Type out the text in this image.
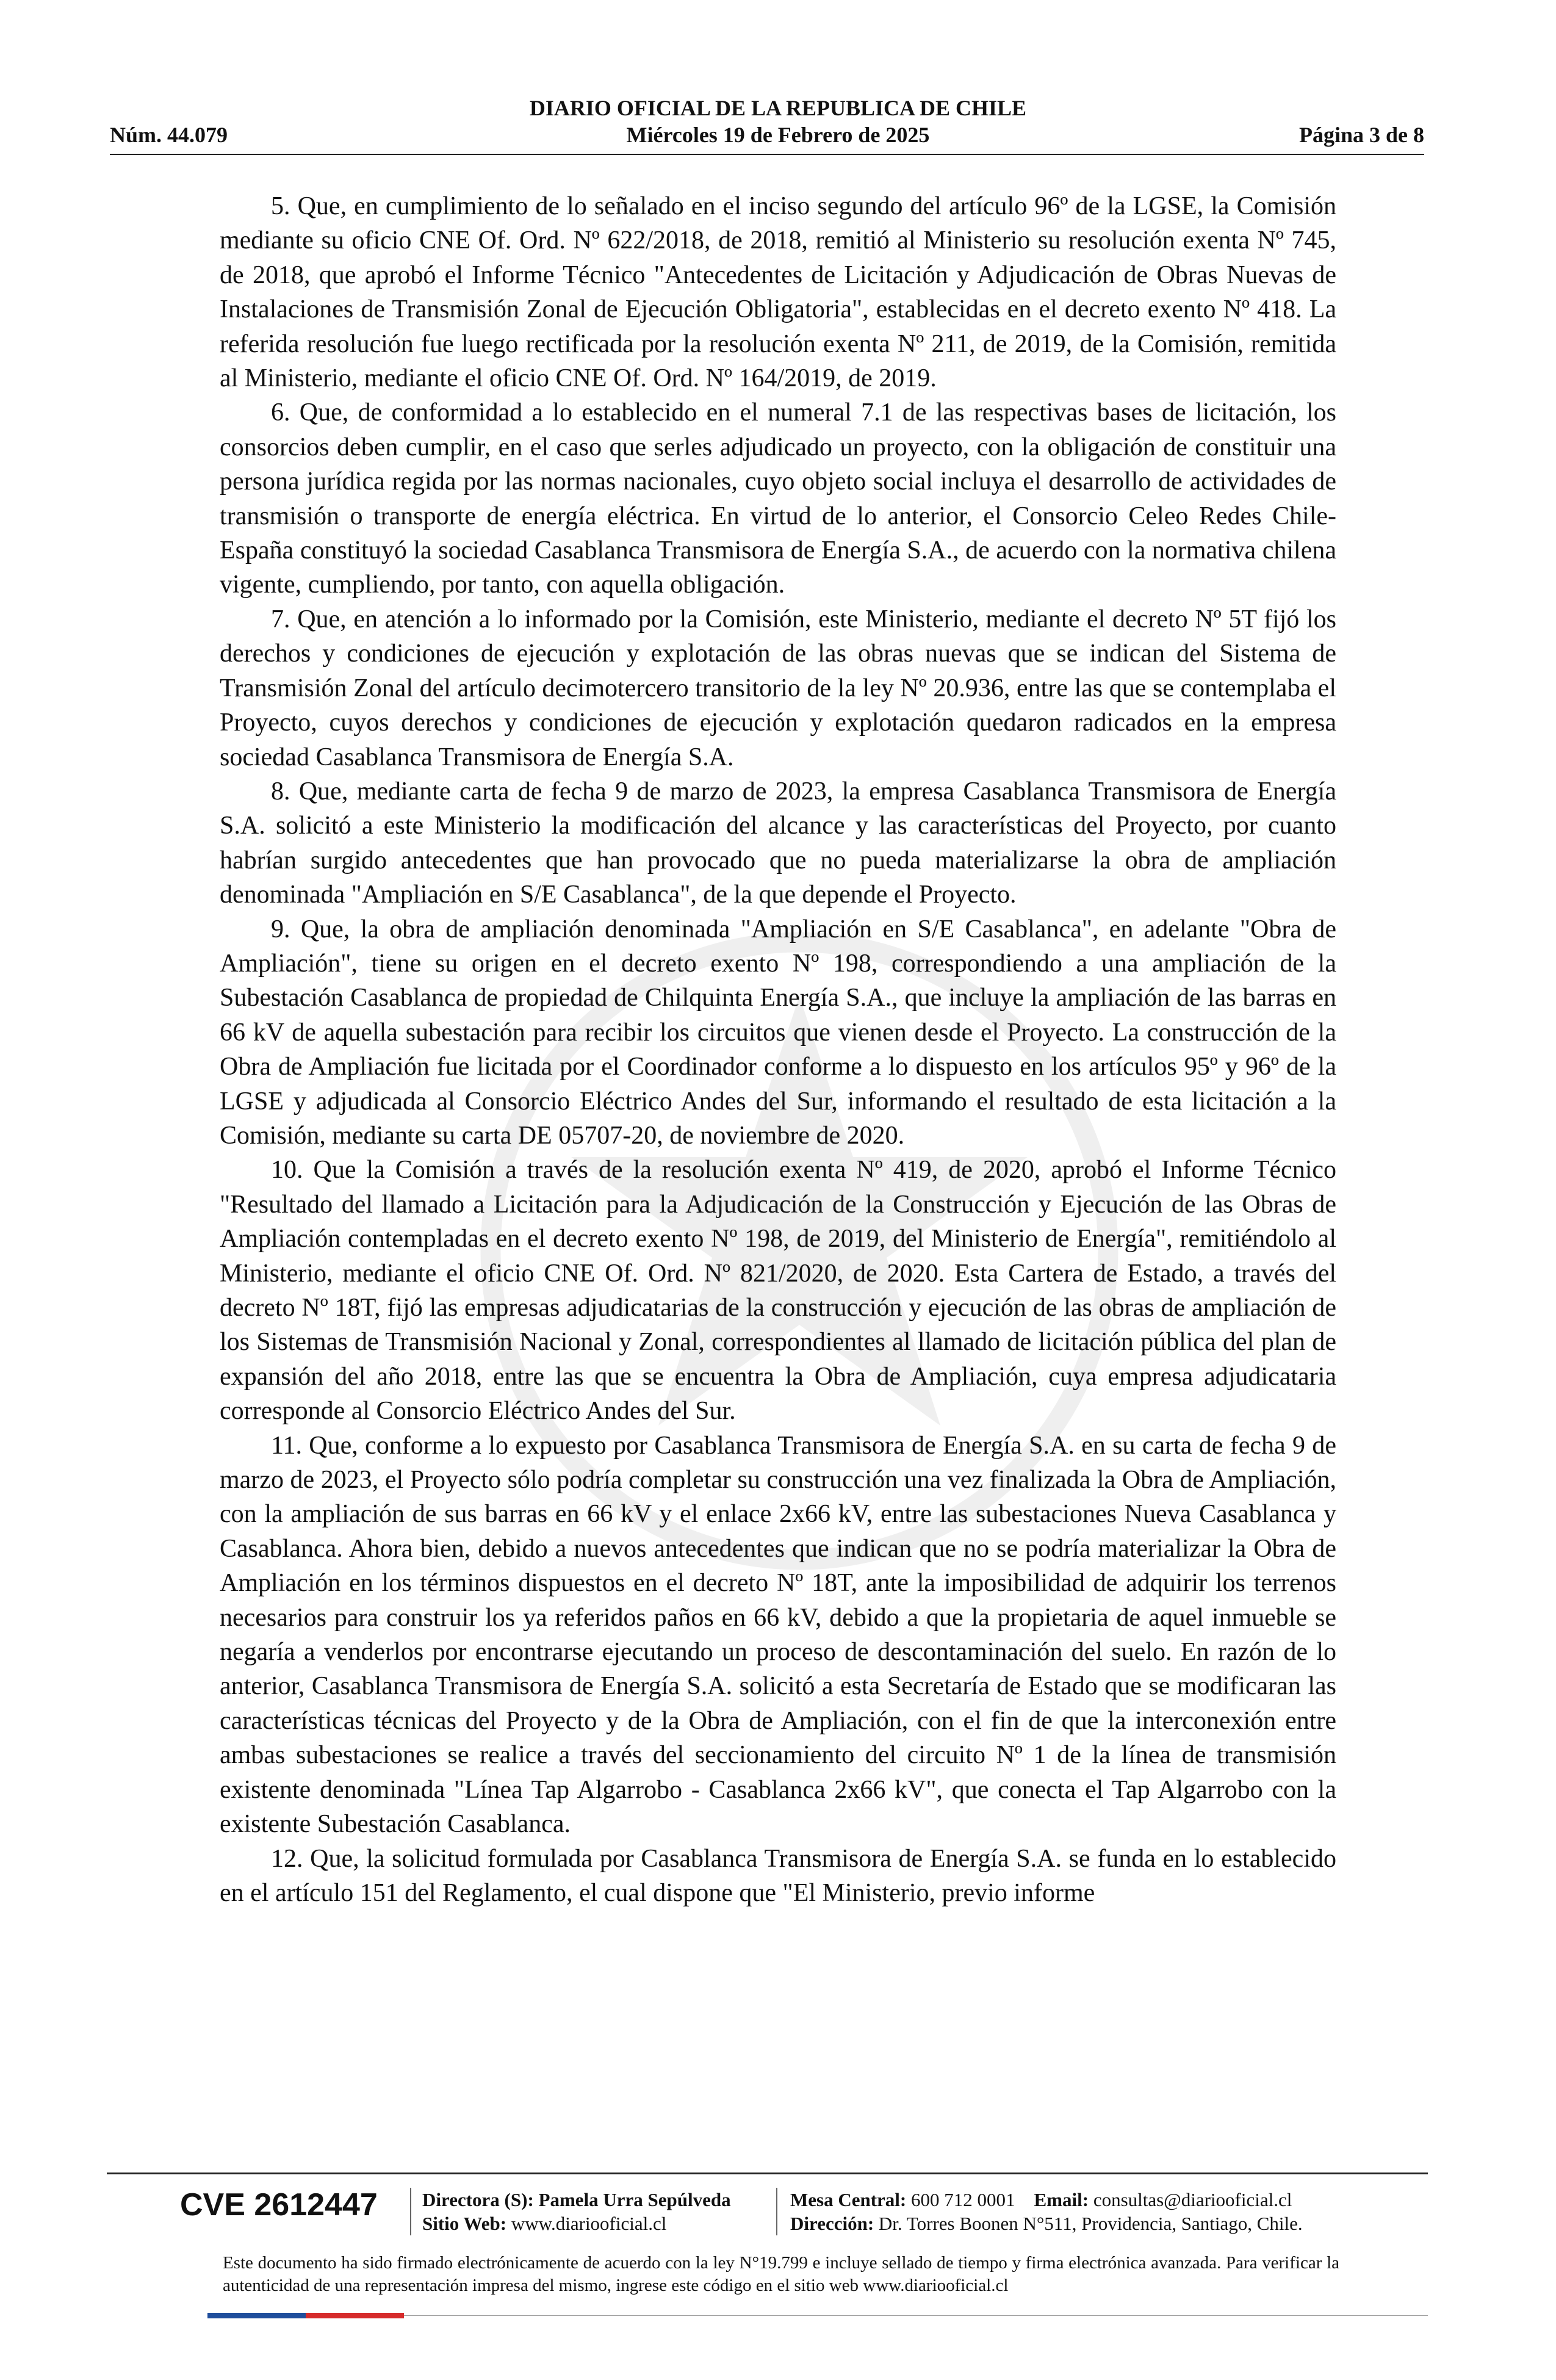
DIARIO OFICIAL DE LA REPUBLICA DE CHILE
Miércoles 19 de Febrero de 2025
Núm. 44.079	Página 3 de 8

5. Que, en cumplimiento de lo señalado en el inciso segundo del artículo 96º de la LGSE, la Comisión mediante su oficio CNE Of. Ord. Nº 622/2018, de 2018, remitió al Ministerio su resolución exenta Nº 745, de 2018, que aprobó el Informe Técnico "Antecedentes de Licitación y Adjudicación de Obras Nuevas de Instalaciones de Transmisión Zonal de Ejecución Obligatoria", establecidas en el decreto exento Nº 418. La referida resolución fue luego rectificada por la resolución exenta Nº 211, de 2019, de la Comisión, remitida al Ministerio, mediante el oficio CNE Of. Ord. Nº 164/2019, de 2019.

6. Que, de conformidad a lo establecido en el numeral 7.1 de las respectivas bases de licitación, los consorcios deben cumplir, en el caso que serles adjudicado un proyecto, con la obligación de constituir una persona jurídica regida por las normas nacionales, cuyo objeto social incluya el desarrollo de actividades de transmisión o transporte de energía eléctrica. En virtud de lo anterior, el Consorcio Celeo Redes Chile-España constituyó la sociedad Casablanca Transmisora de Energía S.A., de acuerdo con la normativa chilena vigente, cumpliendo, por tanto, con aquella obligación.

7. Que, en atención a lo informado por la Comisión, este Ministerio, mediante el decreto Nº 5T fijó los derechos y condiciones de ejecución y explotación de las obras nuevas que se indican del Sistema de Transmisión Zonal del artículo decimotercero transitorio de la ley Nº 20.936, entre las que se contemplaba el Proyecto, cuyos derechos y condiciones de ejecución y explotación quedaron radicados en la empresa sociedad Casablanca Transmisora de Energía S.A.

8. Que, mediante carta de fecha 9 de marzo de 2023, la empresa Casablanca Transmisora de Energía S.A. solicitó a este Ministerio la modificación del alcance y las características del Proyecto, por cuanto habrían surgido antecedentes que han provocado que no pueda materializarse la obra de ampliación denominada "Ampliación en S/E Casablanca", de la que depende el Proyecto.

9. Que, la obra de ampliación denominada "Ampliación en S/E Casablanca", en adelante "Obra de Ampliación", tiene su origen en el decreto exento Nº 198, correspondiendo a una ampliación de la Subestación Casablanca de propiedad de Chilquinta Energía S.A., que incluye la ampliación de las barras en 66 kV de aquella subestación para recibir los circuitos que vienen desde el Proyecto. La construcción de la Obra de Ampliación fue licitada por el Coordinador conforme a lo dispuesto en los artículos 95º y 96º de la LGSE y adjudicada al Consorcio Eléctrico Andes del Sur, informando el resultado de esta licitación a la Comisión, mediante su carta DE 05707-20, de noviembre de 2020.

10. Que la Comisión a través de la resolución exenta Nº 419, de 2020, aprobó el Informe Técnico "Resultado del llamado a Licitación para la Adjudicación de la Construcción y Ejecución de las Obras de Ampliación contempladas en el decreto exento Nº 198, de 2019, del Ministerio de Energía", remitiéndolo al Ministerio, mediante el oficio CNE Of. Ord. Nº 821/2020, de 2020. Esta Cartera de Estado, a través del decreto Nº 18T, fijó las empresas adjudicatarias de la construcción y ejecución de las obras de ampliación de los Sistemas de Transmisión Nacional y Zonal, correspondientes al llamado de licitación pública del plan de expansión del año 2018, entre las que se encuentra la Obra de Ampliación, cuya empresa adjudicataria corresponde al Consorcio Eléctrico Andes del Sur.

11. Que, conforme a lo expuesto por Casablanca Transmisora de Energía S.A. en su carta de fecha 9 de marzo de 2023, el Proyecto sólo podría completar su construcción una vez finalizada la Obra de Ampliación, con la ampliación de sus barras en 66 kV y el enlace 2x66 kV, entre las subestaciones Nueva Casablanca y Casablanca. Ahora bien, debido a nuevos antecedentes que indican que no se podría materializar la Obra de Ampliación en los términos dispuestos en el decreto Nº 18T, ante la imposibilidad de adquirir los terrenos necesarios para construir los ya referidos paños en 66 kV, debido a que la propietaria de aquel inmueble se negaría a venderlos por encontrarse ejecutando un proceso de descontaminación del suelo. En razón de lo anterior, Casablanca Transmisora de Energía S.A. solicitó a esta Secretaría de Estado que se modificaran las características técnicas del Proyecto y de la Obra de Ampliación, con el fin de que la interconexión entre ambas subestaciones se realice a través del seccionamiento del circuito Nº 1 de la línea de transmisión existente denominada "Línea Tap Algarrobo - Casablanca 2x66 kV", que conecta el Tap Algarrobo con la existente Subestación Casablanca.

12. Que, la solicitud formulada por Casablanca Transmisora de Energía S.A. se funda en lo establecido en el artículo 151 del Reglamento, el cual dispone que "El Ministerio, previo informe

CVE 2612447 Directora (S): Pamela Urra Sepúlveda
Sitio Web: www.diariooficial.cl
Mesa Central: 600 712 0001 Email: consultas@diariooficial.cl
Dirección: Dr. Torres Boonen N°511, Providencia, Santiago, Chile.
Este documento ha sido firmado electrónicamente de acuerdo con la ley N°19.799 e incluye sellado de tiempo y firma electrónica avanzada. Para verificar la autenticidad de una representación impresa del mismo, ingrese este código en el sitio web www.diariooficial.cl
